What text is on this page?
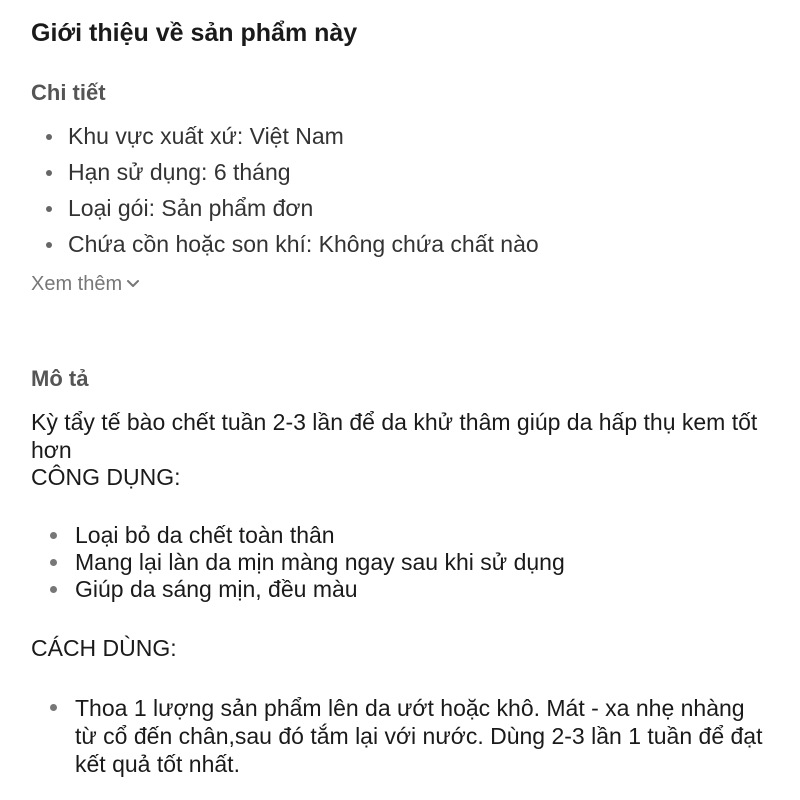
Giới thiệu về sản phẩm này
Chi tiết
Khu vực xuất xứ: Việt Nam
Hạn sử dụng: 6 tháng
Loại gói: Sản phẩm đơn
Chứa cồn hoặc son khí: Không chứa chất nào
Xem thêm
Mô tả
Kỳ tẩy tế bào chết tuần 2-3 lần để da khử thâm giúp da hấp thụ kem tốt hơn
CÔNG DỤNG:
Loại bỏ da chết toàn thân
Mang lại làn da mịn màng ngay sau khi sử dụng
Giúp da sáng mịn, đều màu
CÁCH DÙNG:
Thoa 1 lượng sản phẩm lên da ướt hoặc khô. Mát - xa nhẹ nhàng từ cổ đến chân,sau đó tắm lại với nước. Dùng 2-3 lần 1 tuần để đạt kết quả tốt nhất.
